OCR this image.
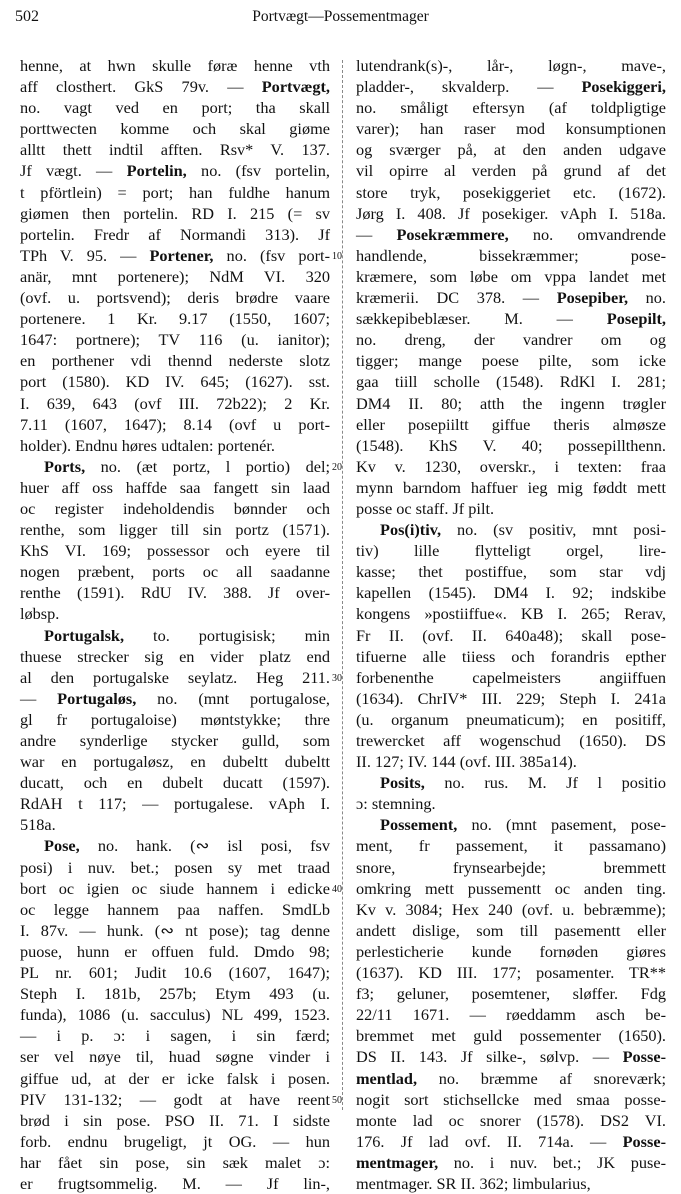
502	Portvægt—Possementmager
henne, at hwn skulle føræ henne vth
aff closthert. GkS 79v. — Portvægt,
no. vagt ved en port; tha skall
porttwecten komme och skal giøme
alltt thett indtil afften. Rsv* V. 137.
Jf vægt. — Portelin, no. (fsv portelin,
t pförtlein) = port; han fuldhe hanum
giømen then portelin. RD I. 215 (= sv
portelin. Fredr af Normandi 313). Jf
TPh V. 95. — Portener, no. (fsv port-
anär, mnt portenere); NdM VI. 320
(ovf. u. portsvend); deris brødre vaare
portenere. 1 Kr. 9.17 (1550, 1607;
1647: portnere); TV 116 (u. ianitor);
en porthener vdi thennd nederste slotz
port (1580). KD IV. 645; (1627). sst.
I. 639, 643 (ovf III. 72b22); 2 Kr.
7.11 (1607, 1647); 8.14 (ovf u port-
holder). Endnu høres udtalen: portenér.
Ports, no. (æt portz, l portio) del;
huer aff oss haffde saa fangett sin laad
oc register indeholdendis bønnder och
renthe, som ligger till sin portz (1571).
KhS VI. 169; possessor och eyere til
nogen præbent, ports oc all saadanne
renthe (1591). RdU IV. 388. Jf over-
løbsp.
Portugalsk, to. portugisisk; min
thuese strecker sig en vider platz end
al den portugalske seylatz. Heg 211.
— Portugaløs, no. (mnt portugalose,
gl fr portugaloise) møntstykke; thre
andre synderlige stycker gulld, som
war en portugaløsz, en dubeltt dubeltt
ducatt, och en dubelt ducatt (1597).
RdAH t 117; — portugalese. vAph I.
518a.
Pose, no. hank. (∾ isl posi, fsv
posi) i nuv. bet.; posen sy met traad
bort oc igien oc siude hannem i edicke
oc legge hannem paa naffen. SmdLb
I. 87v. — hunk. (∾ nt pose); tag denne
puose, hunn er offuen fuld. Dmdo 98;
PL nr. 601; Judit 10.6 (1607, 1647);
Steph I. 181b, 257b; Etym 493 (u.
funda), 1086 (u. sacculus) NL 499, 1523.
— i p. ɔ: i sagen, i sin færd;
ser vel nøye til, huad søgne vinder i
giffue ud, at der er icke falsk i posen.
PIV 131-132; — godt at have reent
brød i sin pose. PSO II. 71. I sidste
forb. endnu brugeligt, jt OG. — hun
har fået sin pose, sin sæk malet ɔ:
er frugtsommelig. M. — Jf lin-,
10
20
30
40
50
lutendrank(s)-, lår-, løgn-, mave-,
pladder-, skvalderp. — Posekiggeri,
no. småligt eftersyn (af toldpligtige
varer); han raser mod konsumptionen
og sværger på, at den anden udgave
vil opirre al verden på grund af det
store tryk, posekiggeriet etc. (1672).
Jørg I. 408. Jf posekiger. vAph I. 518a.
— Posekræmmere, no. omvandrende
handlende, bissekræmmer; pose-
kræmere, som løbe om vppa landet met
kræmerii. DC 378. — Posepiber, no.
sækkepibeblæser. M. — Posepilt,
no. dreng, der vandrer om og
tigger; mange poese pilte, som icke
gaa tiill scholle (1548). RdKl I. 281;
DM4 II. 80; atth the ingenn trøgler
eller posepiiltt giffue theris almøsze
(1548). KhS V. 40; possepillthenn.
Kv v. 1230, overskr., i texten: fraa
mynn barndom haffuer ieg mig føddt mett
posse oc staff. Jf pilt.
Pos(i)tiv, no. (sv positiv, mnt posi-
tiv) lille flytteligt orgel, lire-
kasse; thet postiffue, som star vdj
kapellen (1545). DM4 I. 92; indskibe
kongens »postiiffue«. KB I. 265; Rerav,
Fr II. (ovf. II. 640a48); skall pose-
tifuerne alle tiiess och forandris epther
forbenenthe capelmeisters angiiffuen
(1634). ChrIV* III. 229; Steph I. 241a
(u. organum pneumaticum); en positiff,
trewercket aff wogenschud (1650). DS
II. 127; IV. 144 (ovf. III. 385a14).
Posits, no. rus. M. Jf l positio
ɔ: stemning.
Possement, no. (mnt pasement, pose-
ment, fr passement, it passamano)
snore, frynsearbejde; bremmett
omkring mett pussementt oc anden ting.
Kv v. 3084; Hex 240 (ovf. u. bebræmme);
andett dislige, som till pasementt eller
perlesticherie kunde fornøden giøres
(1637). KD III. 177; posamenter. TR**
f3; geluner, posemtener, sløffer. Fdg
22/11 1671. — røeddamm asch be-
bremmet met guld possementer (1650).
DS II. 143. Jf silke-, sølvp. — Posse-
mentlad, no. bræmme af snoreværk;
nogit sort stichsellcke med smaa posse-
monte lad oc snorer (1578). DS2 VI.
176. Jf lad ovf. II. 714a. — Posse-
mentmager, no. i nuv. bet.; JK puse-
mentmager. SR II. 362; limbularius,
